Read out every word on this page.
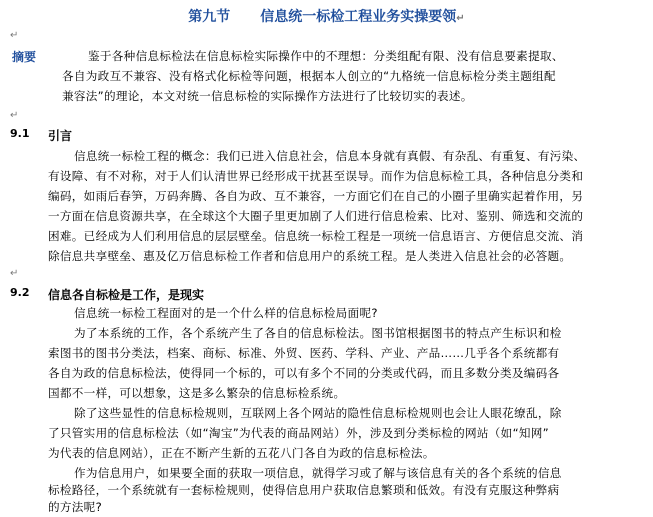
第九节 信息统一标检工程业务实操要领↵
↵
摘要	鉴于各种信息标检法在信息标检实际操作中的不理想：分类组配有限、没有信息要素提取、
各自为政互不兼容、没有格式化标检等问题，根据本人创立的“九格统一信息标检分类主题组配
兼容法”的理论，本文对统一信息标检的实际操作方法进行了比较切实的表述。
↵
9.1 引言
信息统一标检工程的概念：我们已进入信息社会，信息本身就有真假、有杂乱、有重复、有污染、
有设障、有不对称，对于人们认清世界已经形成干扰甚至误导。而作为信息标检工具，各种信息分类和
编码，如雨后春笋，万码奔腾、各自为政、互不兼容，一方面它们在自己的小圈子里确实起着作用，另
一方面在信息资源共享，在全球这个大圈子里更加剧了人们进行信息检索、比对、鉴别、筛选和交流的
困难。已经成为人们利用信息的层层壁垒。信息统一标检工程是一项统一信息语言、方便信息交流、消
除信息共享壁垒、惠及亿万信息标检工作者和信息用户的系统工程。是人类进入信息社会的必答题。
↵
9.2 信息各自标检是工作，是现实
信息统一标检工程面对的是一个什么样的信息标检局面呢?
为了本系统的工作，各个系统产生了各自的信息标检法。图书馆根据图书的特点产生标识和检
索图书的图书分类法，档案、商标、标准、外贸、医药、学科、产业、产品……几乎各个系统都有
各自为政的信息标检法，使得同一个标的，可以有多个不同的分类或代码，而且多数分类及编码各
国都不一样，可以想象，这是多么繁杂的信息标检系统。
除了这些显性的信息标检规则，互联网上各个网站的隐性信息标检规则也会让人眼花缭乱，除
了只管实用的信息标检法（如“淘宝”为代表的商品网站）外，涉及到分类标检的网站（如“知网”
为代表的信息网站），正在不断产生新的五花八门各自为政的信息标检法。
作为信息用户，如果要全面的获取一项信息，就得学习或了解与该信息有关的各个系统的信息
标检路径，一个系统就有一套标检规则，使得信息用户获取信息繁琐和低效。有没有克服这种弊病
的方法呢?
